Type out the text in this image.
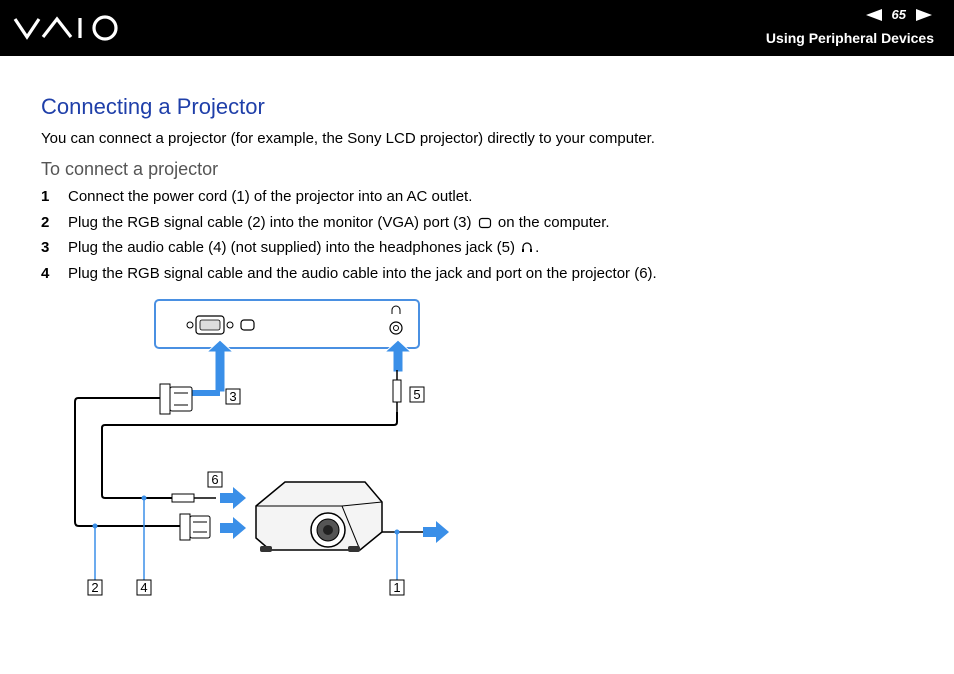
65
Using Peripheral Devices
Connecting a Projector

You can connect a projector (for example, the Sony LCD projector) directly to your computer.

To connect a projector
1	Connect the power cord (1) of the projector into an AC outlet.
2	Plug the RGB signal cable (2) into the monitor (VGA) port (3) on the computer.
3	Plug the audio cable (4) (not supplied) into the headphones jack (5) .
4	Plug the RGB signal cable and the audio cable into the jack and port on the projector (6).
1
2
3
4
5
6
